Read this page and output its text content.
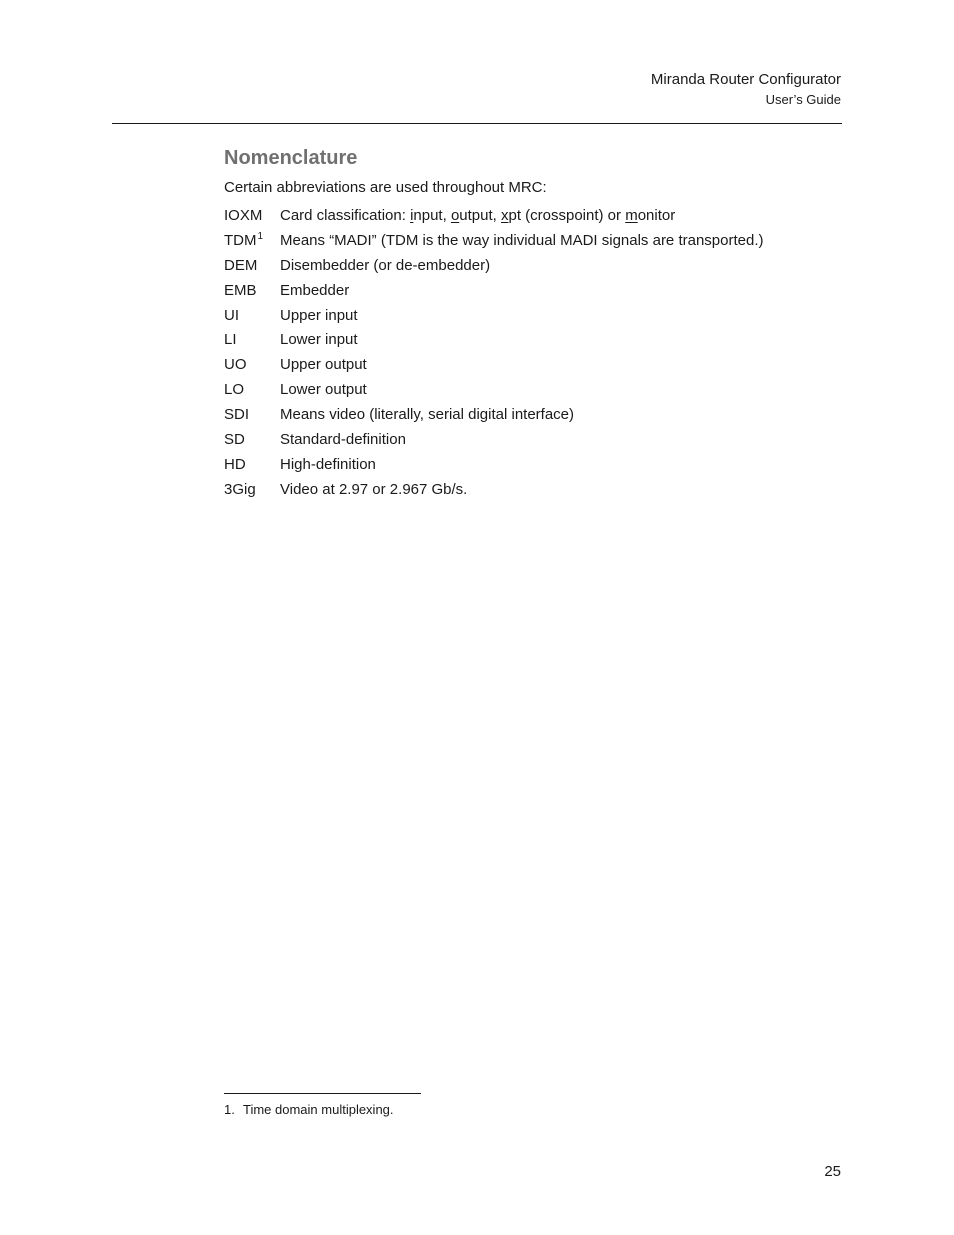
Miranda Router Configurator
User’s Guide
Nomenclature

Certain abbreviations are used throughout MRC:

IOXM	Card classification: input, output, xpt (crosspoint) or monitor
TDM$^1$	Means “MADI” (TDM is the way individual MADI signals are transported.)
DEM	Disembedder (or de-embedder)
EMB	Embedder
UI	Upper input
LI	Lower input
UO	Upper output
LO	Lower output
SDI	Means video (literally, serial digital interface)
SD	Standard-definition
HD	High-definition
3Gig	Video at 2.97 or 2.967 Gb/s.
1. Time domain multiplexing.
25
